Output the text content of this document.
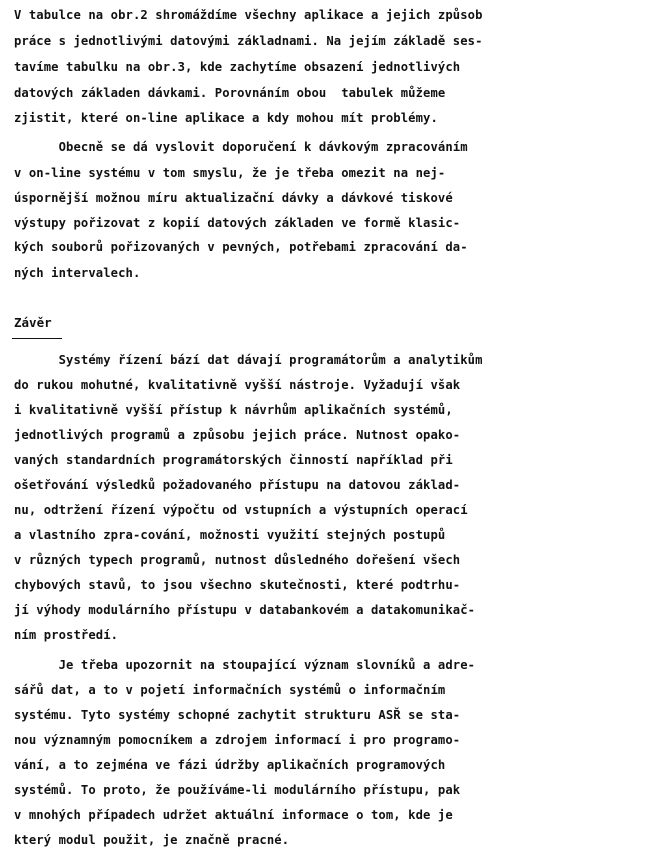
V tabulce na obr.2 shromáždíme všechny aplikace a jejich způsob

práce s jednotlivými datovými základnami. Na jejím základě ses-

tavíme tabulku na obr.3, kde zachytíme obsazení jednotlivých

datových základen dávkami. Porovnáním obou  tabulek můžeme

zjistit, které on-line aplikace a kdy mohou mít problémy.

Obecně se dá vyslovit doporučení k dávkovým zpracováním

v on-line systému v tom smyslu, že je třeba omezit na nej-

úspornější možnou míru aktualizační dávky a dávkové tiskové

výstupy pořizovat z kopií datových základen ve formě klasic-

kých souborů pořizovaných v pevných, potřebami zpracování da-

ných intervalech.

Závěr

Systémy řízení bází dat dávají programátorům a analytikům

do rukou mohutné, kvalitativně vyšší nástroje. Vyžadují však

i kvalitativně vyšší přístup k návrhům aplikačních systémů,

jednotlivých programů a způsobu jejich práce. Nutnost opako-

vaných standardních programátorských činností například při

ošetřování výsledků požadovaného přístupu na datovou základ-

nu, odtržení řízení výpočtu od vstupních a výstupních operací

a vlastního zpra-cování, možnosti využití stejných postupů

v různých typech programů, nutnost důsledného dořešení všech

chybových stavů, to jsou všechno skutečnosti, které podtrhu-

jí výhody modulárního přístupu v databankovém a datakomunikač-

ním prostředí.

Je třeba upozornit na stoupající význam slovníků a adre-

sářů dat, a to v pojetí informačních systémů o informačním

systému. Tyto systémy schopné zachytit strukturu ASŘ se sta-

nou významným pomocníkem a zdrojem informací i pro programo-

vání, a to zejména ve fázi údržby aplikačních programových

systémů. To proto, že používáme-li modulárního přístupu, pak

v mnohých případech udržet aktuální informace o tom, kde je

který modul použit, je značně pracné.
